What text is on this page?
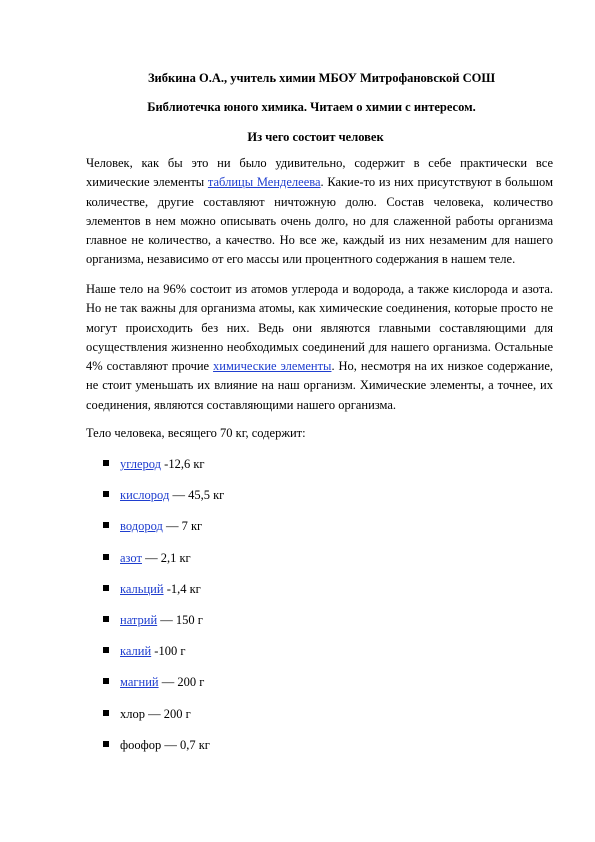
Зибкина О.А., учитель химии МБОУ Митрофановской СОШ

Библиотечка юного химика. Читаем о химии с интересом.

Из чего состоит человек

Человек, как бы это ни было удивительно, содержит в себе практически все химические элементы таблицы Менделеева. Какие-то из них присутствуют в большом количестве, другие составляют ничтожную долю. Состав человека, количество элементов в нем можно описывать очень долго, но для слаженной работы организма главное не количество, а качество. Но все же, каждый из них незаменим для нашего организма, независимо от его массы или процентного содержания в нашем теле.

Наше тело на 96% состоит из атомов углерода и водорода, а также кислорода и азота. Но не так важны для организма атомы, как химические соединения, которые просто не могут происходить без них. Ведь они являются главными составляющими для осуществления жизненно необходимых соединений для нашего организма. Остальные 4% составляют прочие химические элементы. Но, несмотря на их низкое содержание, не стоит уменьшать их влияние на наш организм. Химические элементы, а точнее, их соединения, являются составляющими нашего организма.

Тело человека, весящего 70 кг, содержит:

углерод -12,6 кг
кислород — 45,5 кг
водород — 7 кг
азот — 2,1 кг
кальций -1,4 кг
натрий — 150 г
калий -100 г
магний — 200 г
хлор — 200 г
фоофор — 0,7 кг
